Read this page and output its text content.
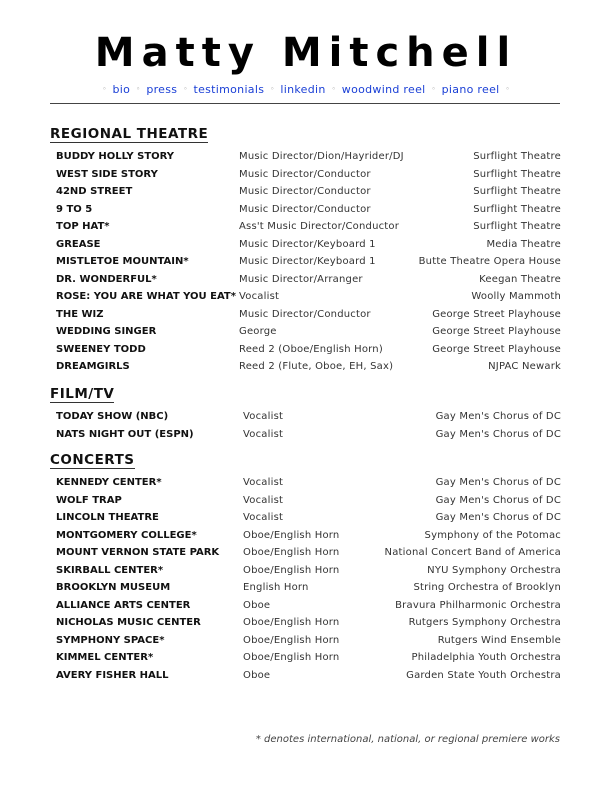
Matty Mitchell
◦ bio ◦ press ◦ testimonials ◦ linkedin ◦ woodwind reel ◦ piano reel ◦
REGIONAL THEATRE
BUDDY HOLLY STORY	Music Director/Dion/Hayrider/DJ	Surflight Theatre
WEST SIDE STORY	Music Director/Conductor	Surflight Theatre
42ND STREET	Music Director/Conductor	Surflight Theatre
9 TO 5	Music Director/Conductor	Surflight Theatre
TOP HAT*	Ass't Music Director/Conductor	Surflight Theatre
GREASE	Music Director/Keyboard 1	Media Theatre
MISTLETOE MOUNTAIN*	Music Director/Keyboard 1	Butte Theatre Opera House
DR. WONDERFUL*	Music Director/Arranger	Keegan Theatre
ROSE: YOU ARE WHAT YOU EAT* Vocalist	Woolly Mammoth
THE WIZ	Music Director/Conductor	George Street Playhouse
WEDDING SINGER	George	George Street Playhouse
SWEENEY TODD	Reed 2 (Oboe/English Horn)	George Street Playhouse
DREAMGIRLS	Reed 2 (Flute, Oboe, EH, Sax)	NJPAC Newark
FILM/TV
TODAY SHOW (NBC)	Vocalist	Gay Men's Chorus of DC
NATS NIGHT OUT (ESPN)	Vocalist	Gay Men's Chorus of DC
CONCERTS
KENNEDY CENTER*	Vocalist	Gay Men's Chorus of DC
WOLF TRAP	Vocalist	Gay Men's Chorus of DC
LINCOLN THEATRE	Vocalist	Gay Men's Chorus of DC
MONTGOMERY COLLEGE*	Oboe/English Horn	Symphony of the Potomac
MOUNT VERNON STATE PARK Oboe/English Horn	National Concert Band of America
SKIRBALL CENTER*	Oboe/English Horn	NYU Symphony Orchestra
BROOKLYN MUSEUM	English Horn	String Orchestra of Brooklyn
ALLIANCE ARTS CENTER	Oboe	Bravura Philharmonic Orchestra
NICHOLAS MUSIC CENTER	Oboe/English Horn	Rutgers Symphony Orchestra
SYMPHONY SPACE*	Oboe/English Horn	Rutgers Wind Ensemble
KIMMEL CENTER*	Oboe/English Horn	Philadelphia Youth Orchestra
AVERY FISHER HALL	Oboe	Garden State Youth Orchestra
* denotes international, national, or regional premiere works
